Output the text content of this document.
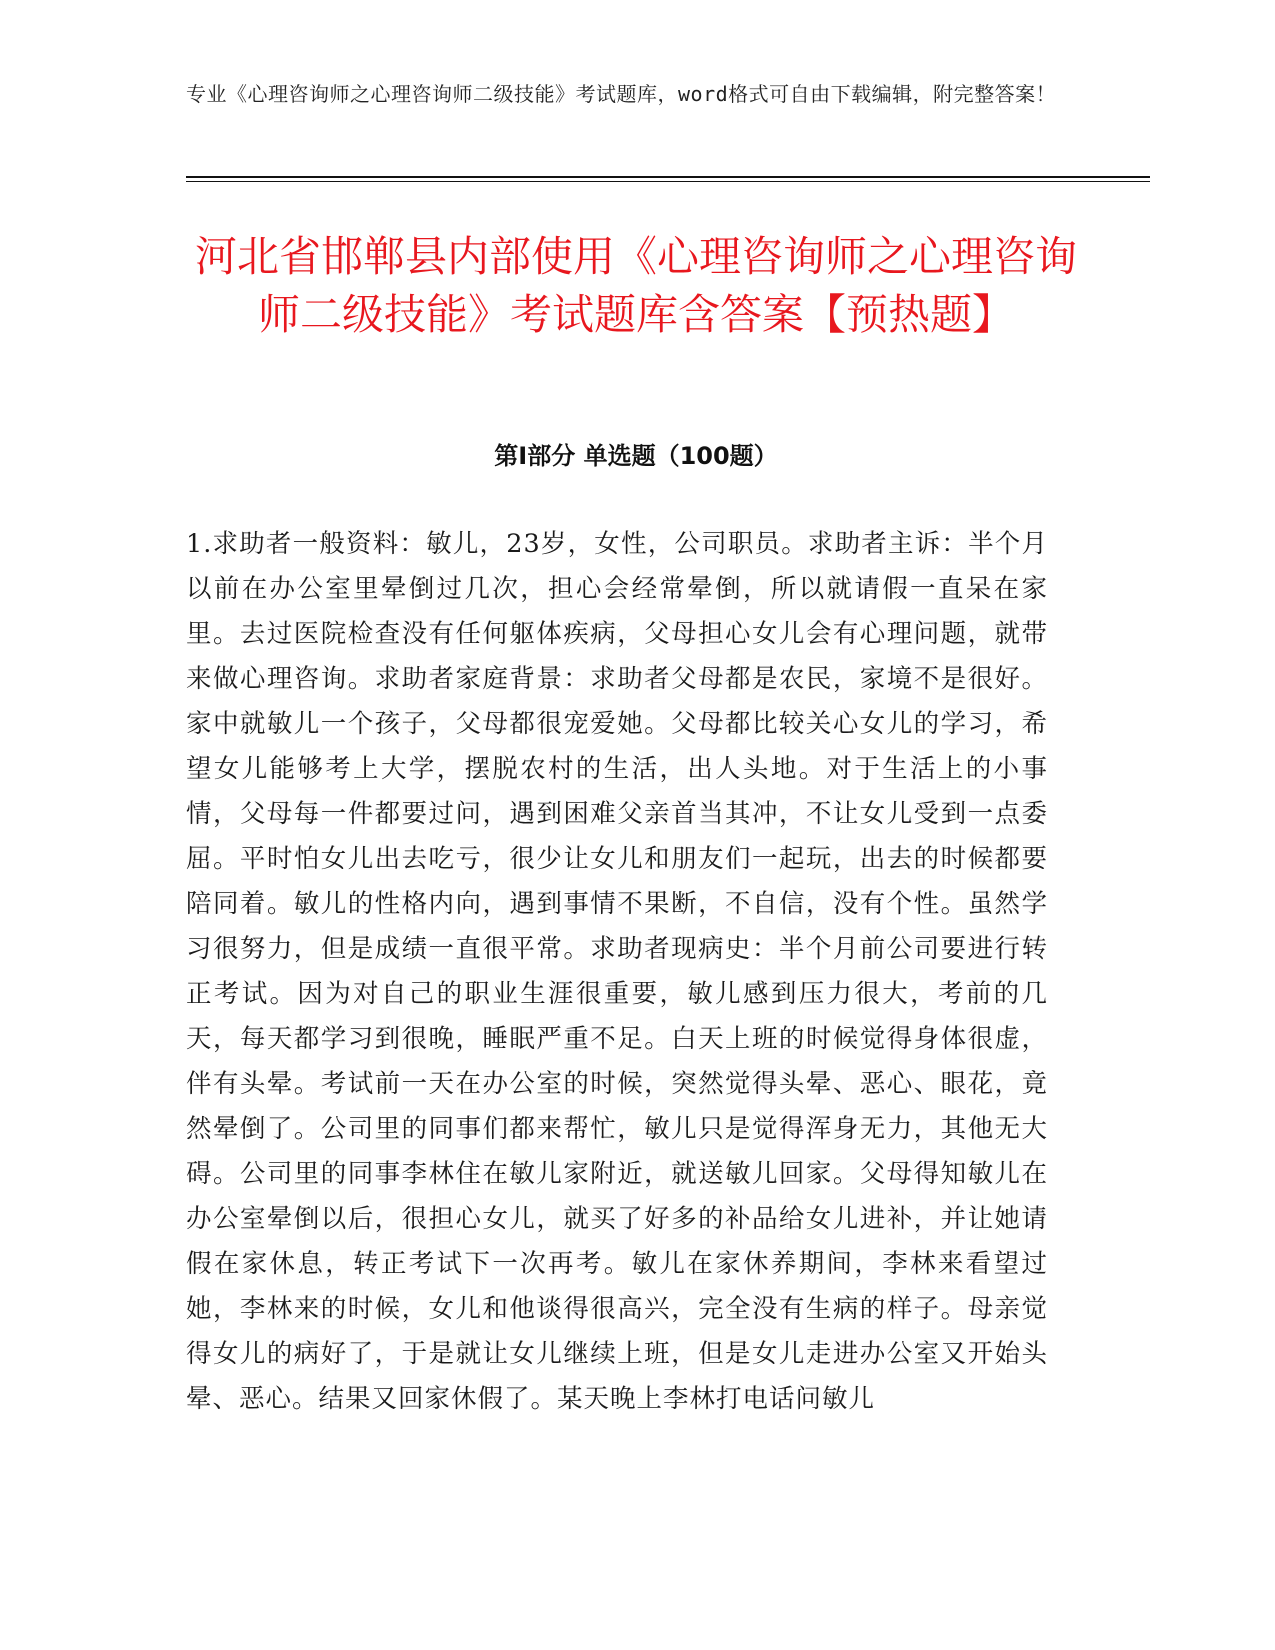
专业《心理咨询师之心理咨询师二级技能》考试题库，word格式可自由下载编辑，附完整答案！
河北省邯郸县内部使用《心理咨询师之心理咨询师二级技能》考试题库含答案【预热题】
第Ⅰ部分 单选题（100题）

1.求助者一般资料：敏儿，23岁，女性，公司职员。求助者主诉：半个月以前在办公室里晕倒过几次，担心会经常晕倒，所以就请假一直呆在家里。去过医院检查没有任何躯体疾病，父母担心女儿会有心理问题，就带来做心理咨询。求助者家庭背景：求助者父母都是农民，家境不是很好。家中就敏儿一个孩子，父母都很宠爱她。父母都比较关心女儿的学习，希望女儿能够考上大学，摆脱农村的生活，出人头地。对于生活上的小事情，父母每一件都要过问，遇到困难父亲首当其冲，不让女儿受到一点委屈。平时怕女儿出去吃亏，很少让女儿和朋友们一起玩，出去的时候都要陪同着。敏儿的性格内向，遇到事情不果断，不自信，没有个性。虽然学习很努力，但是成绩一直很平常。求助者现病史：半个月前公司要进行转正考试。因为对自己的职业生涯很重要，敏儿感到压力很大，考前的几天，每天都学习到很晚，睡眠严重不足。白天上班的时候觉得身体很虚，伴有头晕。考试前一天在办公室的时候，突然觉得头晕、恶心、眼花，竟然晕倒了。公司里的同事们都来帮忙，敏儿只是觉得浑身无力，其他无大碍。公司里的同事李林住在敏儿家附近，就送敏儿回家。父母得知敏儿在办公室晕倒以后，很担心女儿，就买了好多的补品给女儿进补，并让她请假在家休息，转正考试下一次再考。敏儿在家休养期间，李林来看望过她，李林来的时候，女儿和他谈得很高兴，完全没有生病的样子。母亲觉得女儿的病好了，于是就让女儿继续上班，但是女儿走进办公室又开始头晕、恶心。结果又回家休假了。某天晚上李林打电话问敏儿
